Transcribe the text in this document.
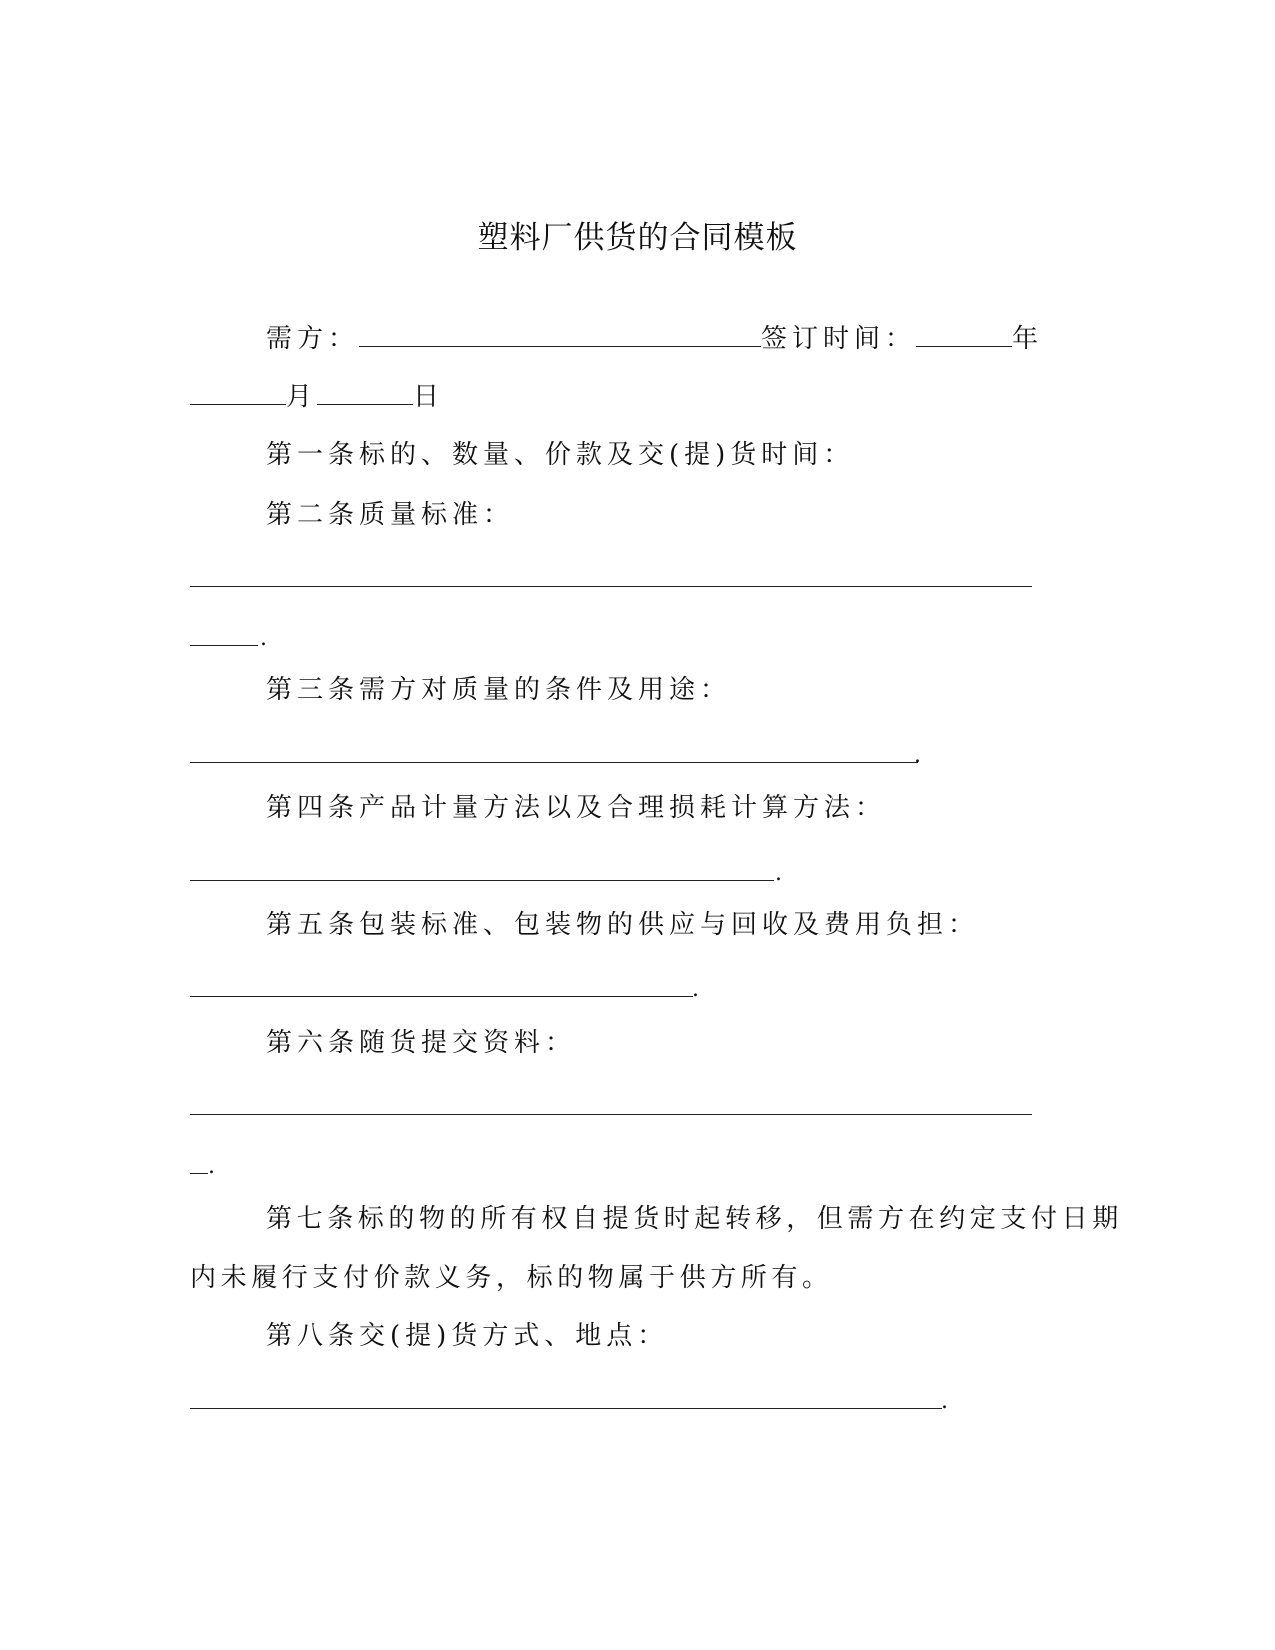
塑料厂供货的合同模板
需方：	签订时间：	年
月	日
第一条标的、数量、价款及交(提)货时间：
第二条质量标准：
.
第三条需方对质量的条件及用途：
.
第四条产品计量方法以及合理损耗计算方法：
.
第五条包装标准、包装物的供应与回收及费用负担：
.
第六条随货提交资料：
.
第七条标的物的所有权自提货时起转移，但需方在约定支付日期
内未履行支付价款义务，标的物属于供方所有。
第八条交(提)货方式、地点：
.
